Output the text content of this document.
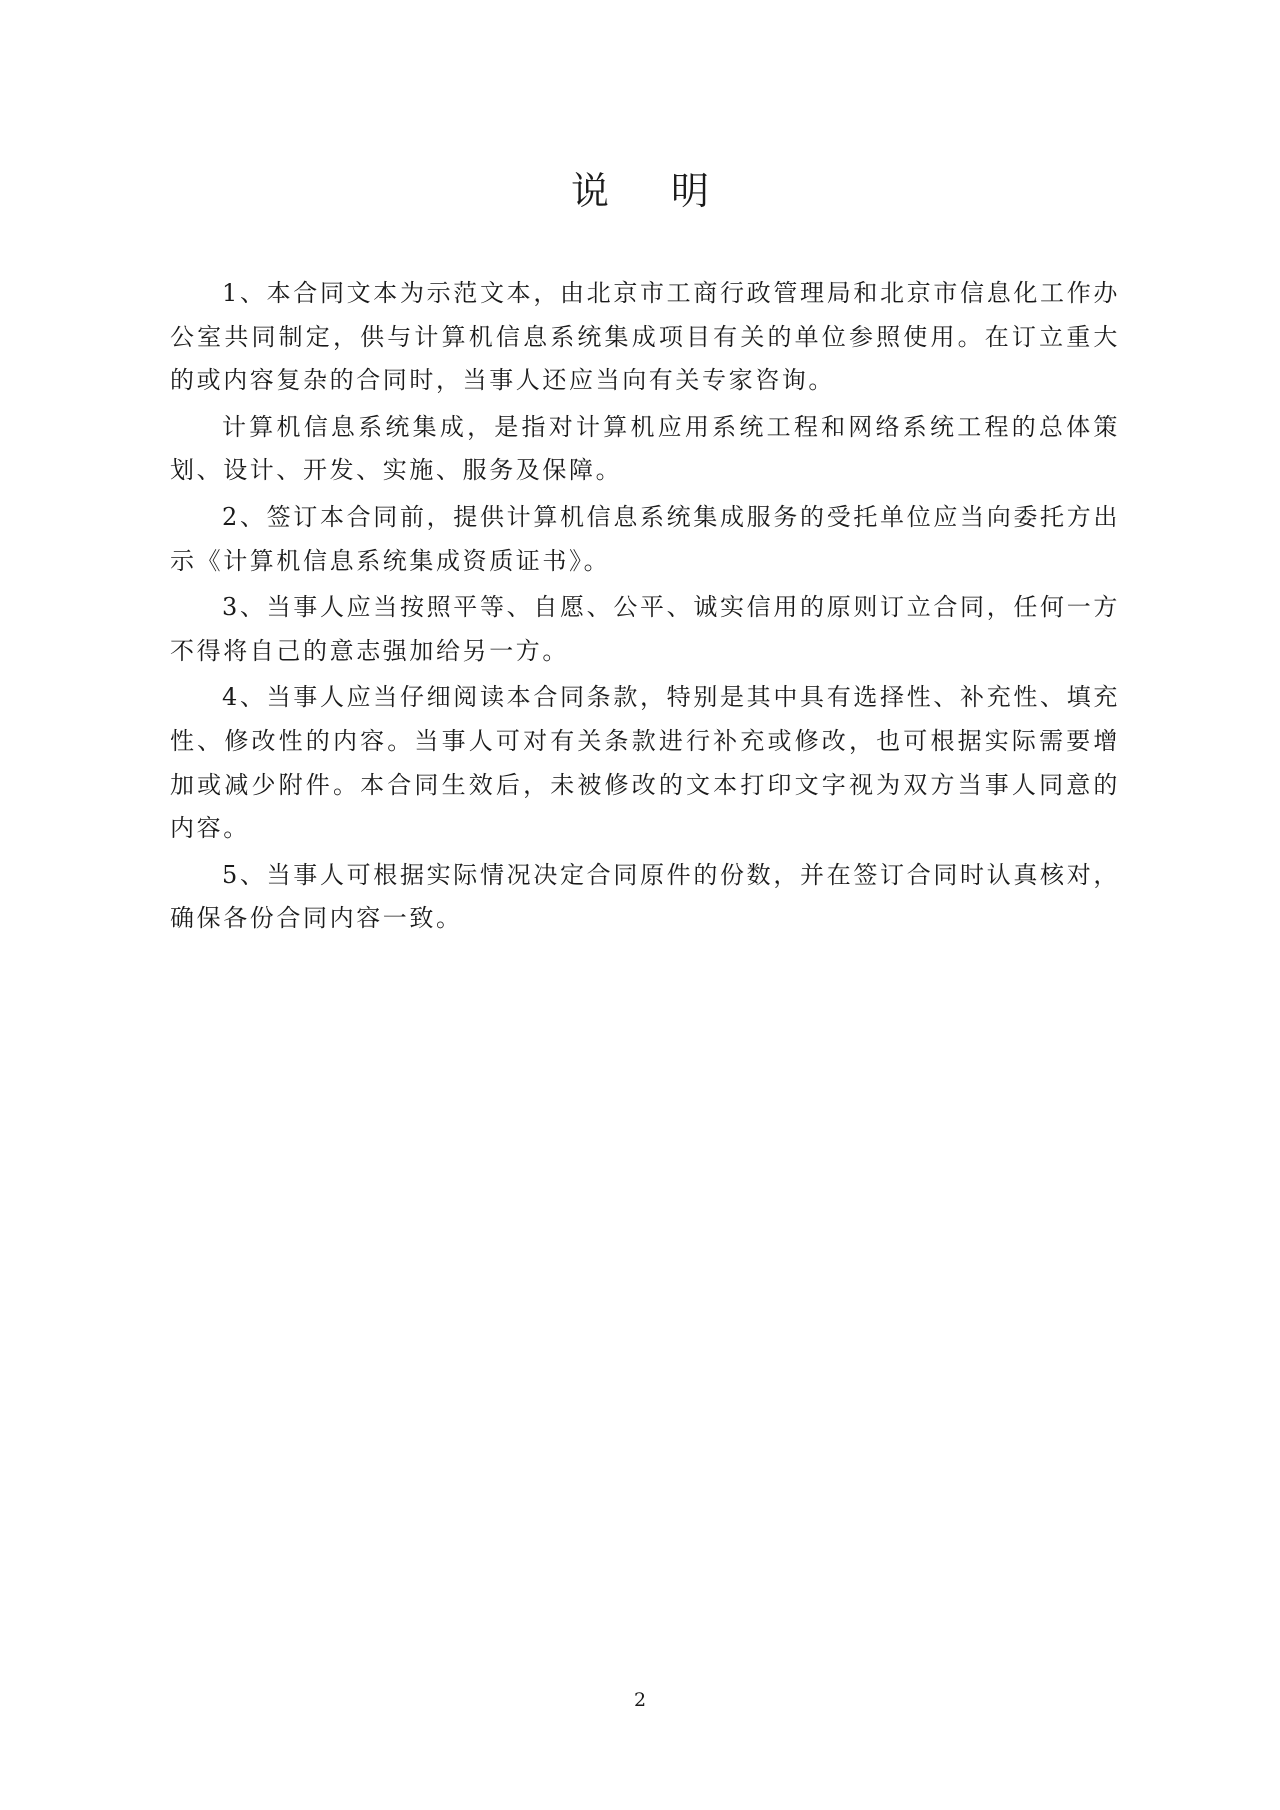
说明

1、本合同文本为示范文本，由北京市工商行政管理局和北京市信息化工作办公室共同制定，供与计算机信息系统集成项目有关的单位参照使用。在订立重大的或内容复杂的合同时，当事人还应当向有关专家咨询。

计算机信息系统集成，是指对计算机应用系统工程和网络系统工程的总体策划、设计、开发、实施、服务及保障。

2、签订本合同前，提供计算机信息系统集成服务的受托单位应当向委托方出示《计算机信息系统集成资质证书》。

3、当事人应当按照平等、自愿、公平、诚实信用的原则订立合同，任何一方不得将自己的意志强加给另一方。

4、当事人应当仔细阅读本合同条款，特别是其中具有选择性、补充性、填充性、修改性的内容。当事人可对有关条款进行补充或修改，也可根据实际需要增加或减少附件。本合同生效后，未被修改的文本打印文字视为双方当事人同意的内容。

5、当事人可根据实际情况决定合同原件的份数，并在签订合同时认真核对，确保各份合同内容一致。

2
